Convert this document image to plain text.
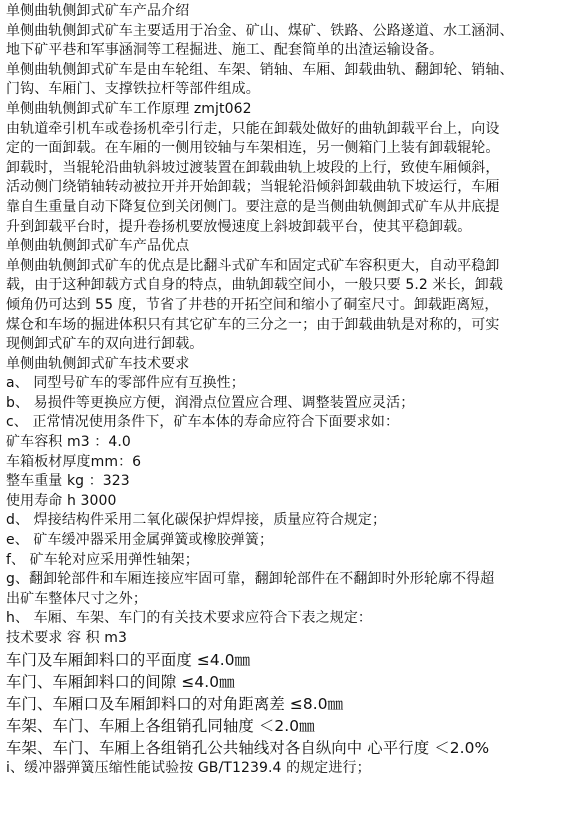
单侧曲轨侧卸式矿车产品介绍

单侧曲轨侧卸式矿车主要适用于冶金、矿山、煤矿、铁路、公路遂道、水工涵洞、

地下矿平巷和军事涵洞等工程掘进、施工、配套简单的出渣运输设备。

单侧曲轨侧卸式矿车是由车轮组、车架、销轴、车厢、卸载曲轨、翻卸轮、销轴、

门钩、车厢门、支撑铁拉杆等部件组成。

单侧曲轨侧卸式矿车工作原理 zmjt062

由轨道牵引机车或卷扬机牵引行走，只能在卸载处做好的曲轨卸载平台上，向设

定的一面卸载。在车厢的一侧用铰轴与车架相连，另一侧箱门上装有卸载辊轮。

卸载时，当辊轮沿曲轨斜坡过渡装置在卸载曲轨上坡段的上行，致使车厢倾斜，

活动侧门绕销轴转动被拉开并开始卸载；当辊轮沿倾斜卸载曲轨下坡运行，车厢

靠自生重量自动下降复位到关闭侧门。要注意的是当侧曲轨侧卸式矿车从井底提

升到卸载平台时，提升卷扬机要放慢速度上斜坡卸载平台，使其平稳卸载。

单侧曲轨侧卸式矿车产品优点

单侧曲轨侧卸式矿车的优点是比翻斗式矿车和固定式矿车容积更大，自动平稳卸

载，由于这种卸载方式自身的特点，曲轨卸载空间小，一般只要 5.2 米长，卸载

倾角仍可达到 55 度，节省了井巷的开拓空间和缩小了硐室尺寸。卸载距离短，

煤仓和车场的掘进体积只有其它矿车的三分之一；由于卸载曲轨是对称的，可实

现侧卸式矿车的双向进行卸载。

单侧曲轨侧卸式矿车技术要求

a、 同型号矿车的零部件应有互换性；

b、 易损件等更换应方便，润滑点位置应合理、调整装置应灵活；

c、 正常情况使用条件下，矿车本体的寿命应符合下面要求如：

矿车容积 m3 ：4.0

车箱板材厚度mm：6

整车重量 kg ：323

使用寿命 h 3000

d、 焊接结构件采用二氧化碳保护焊焊接，质量应符合规定；

e、 矿车缓冲器采用金属弹簧或橡胶弹簧；

f、 矿车轮对应采用弹性轴架；

g、翻卸轮部件和车厢连接应牢固可靠，翻卸轮部件在不翻卸时外形轮廓不得超

出矿车整体尺寸之外；

h、 车厢、车架、车门的有关技术要求应符合下表之规定：

技术要求 容 积 m3

车门及车厢卸料口的平面度 ≤4.0㎜

车门、车厢卸料口的间隙 ≤4.0㎜

车门、车厢口及车厢卸料口的对角距离差 ≤8.0㎜

车架、车门、车厢上各组销孔同轴度 ＜2.0㎜

车架、车门、车厢上各组销孔公共轴线对各自纵向中 心平行度 ＜2.0%

i、缓冲器弹簧压缩性能试验按 GB/T1239.4 的规定进行；
